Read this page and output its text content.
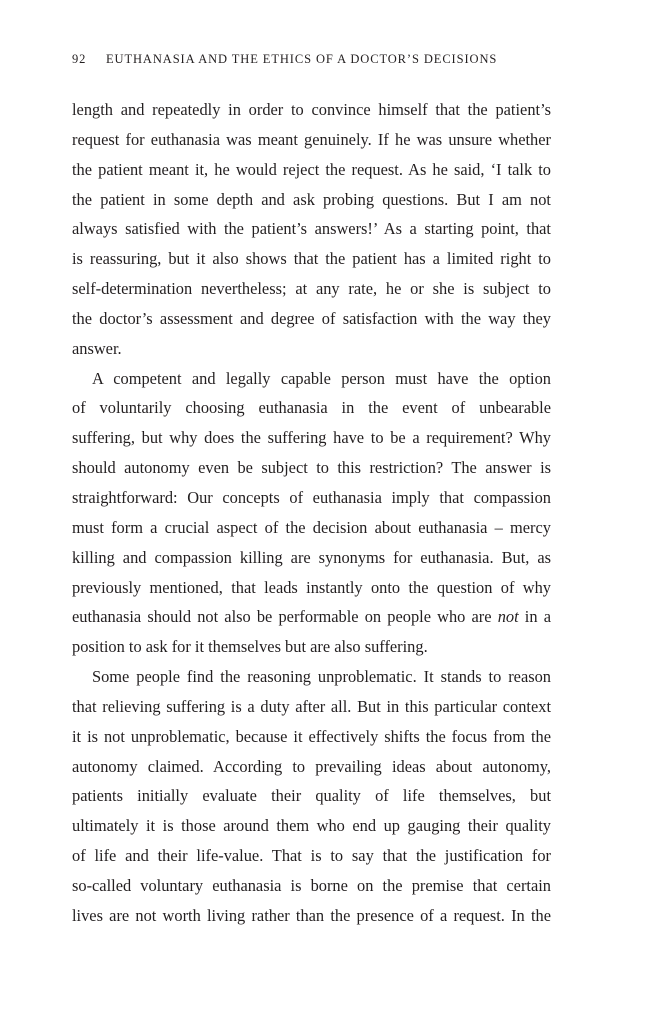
92 EUTHANASIA AND THE ETHICS OF A DOCTOR’S DECISIONS
length and repeatedly in order to convince himself that the patient’s
request for euthanasia was meant genuinely. If he was unsure whether
the patient meant it, he would reject the request. As he said, ‘I talk to
the patient in some depth and ask probing questions. But I am not
always satisfied with the patient’s answers!’ As a starting point, that
is reassuring, but it also shows that the patient has a limited right to
self-determination nevertheless; at any rate, he or she is subject to
the doctor’s assessment and degree of satisfaction with the way they
answer.
A competent and legally capable person must have the option
of voluntarily choosing euthanasia in the event of unbearable
suffering, but why does the suffering have to be a requirement? Why
should autonomy even be subject to this restriction? The answer is
straightforward: Our concepts of euthanasia imply that compassion
must form a crucial aspect of the decision about euthanasia – mercy
killing and compassion killing are synonyms for euthanasia. But, as
previously mentioned, that leads instantly onto the question of why
euthanasia should not also be performable on people who are not in a
position to ask for it themselves but are also suffering.
Some people find the reasoning unproblematic. It stands to reason
that relieving suffering is a duty after all. But in this particular context
it is not unproblematic, because it effectively shifts the focus from the
autonomy claimed. According to prevailing ideas about autonomy,
patients initially evaluate their quality of life themselves, but
ultimately it is those around them who end up gauging their quality
of life and their life-value. That is to say that the justification for
so-called voluntary euthanasia is borne on the premise that certain
lives are not worth living rather than the presence of a request. In the
